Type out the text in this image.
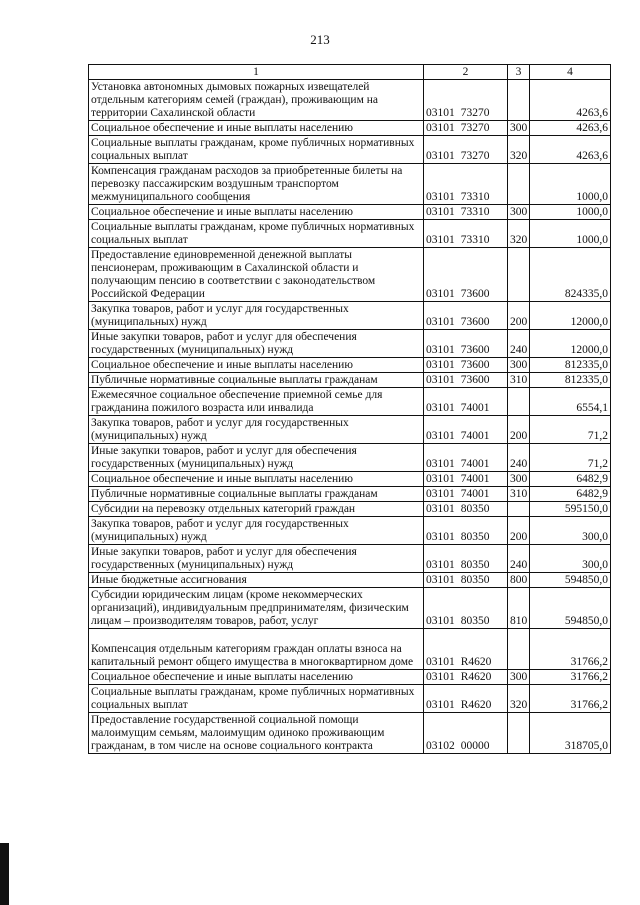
213
1	2	3	4
Установка автономных дымовых пожарных извещателей отдельным категориям семей (граждан), проживающим на территории Сахалинской области	03101 73270		4263,6
Социальное обеспечение и иные выплаты населению	03101 73270	300	4263,6
Социальные выплаты гражданам, кроме публичных нормативных социальных выплат	03101 73270	320	4263,6
Компенсация гражданам расходов за приобретенные билеты на перевозку пассажирским воздушным транспортом межмуниципального сообщения	03101 73310		1000,0
Социальное обеспечение и иные выплаты населению	03101 73310	300	1000,0
Социальные выплаты гражданам, кроме публичных нормативных социальных выплат	03101 73310	320	1000,0
Предоставление единовременной денежной выплаты пенсионерам, проживающим в Сахалинской области и получающим пенсию в соответствии с законодательством Российской Федерации	03101 73600		824335,0
Закупка товаров, работ и услуг для государственных (муниципальных) нужд	03101 73600	200	12000,0
Иные закупки товаров, работ и услуг для обеспечения государственных (муниципальных) нужд	03101 73600	240	12000,0
Социальное обеспечение и иные выплаты населению	03101 73600	300	812335,0
Публичные нормативные социальные выплаты гражданам	03101 73600	310	812335,0
Ежемесячное социальное обеспечение приемной семье для гражданина пожилого возраста или инвалида	03101 74001		6554,1
Закупка товаров, работ и услуг для государственных (муниципальных) нужд	03101 74001	200	71,2
Иные закупки товаров, работ и услуг для обеспечения государственных (муниципальных) нужд	03101 74001	240	71,2
Социальное обеспечение и иные выплаты населению	03101 74001	300	6482,9
Публичные нормативные социальные выплаты гражданам	03101 74001	310	6482,9
Субсидии на перевозку отдельных категорий граждан	03101 80350		595150,0
Закупка товаров, работ и услуг для государственных (муниципальных) нужд	03101 80350	200	300,0
Иные закупки товаров, работ и услуг для обеспечения государственных (муниципальных) нужд	03101 80350	240	300,0
Иные бюджетные ассигнования	03101 80350	800	594850,0
Субсидии юридическим лицам (кроме некоммерческих организаций), индивидуальным предпринимателям, физическим лицам – производителям товаров, работ, услуг	03101 80350	810	594850,0
Компенсация отдельным категориям граждан оплаты взноса на капитальный ремонт общего имущества в многоквартирном доме	03101 R4620		31766,2
Социальное обеспечение и иные выплаты населению	03101 R4620	300	31766,2
Социальные выплаты гражданам, кроме публичных нормативных социальных выплат	03101 R4620	320	31766,2
Предоставление государственной социальной помощи малоимущим семьям, малоимущим одиноко проживающим гражданам, в том числе на основе социального контракта	03102 00000		318705,0
